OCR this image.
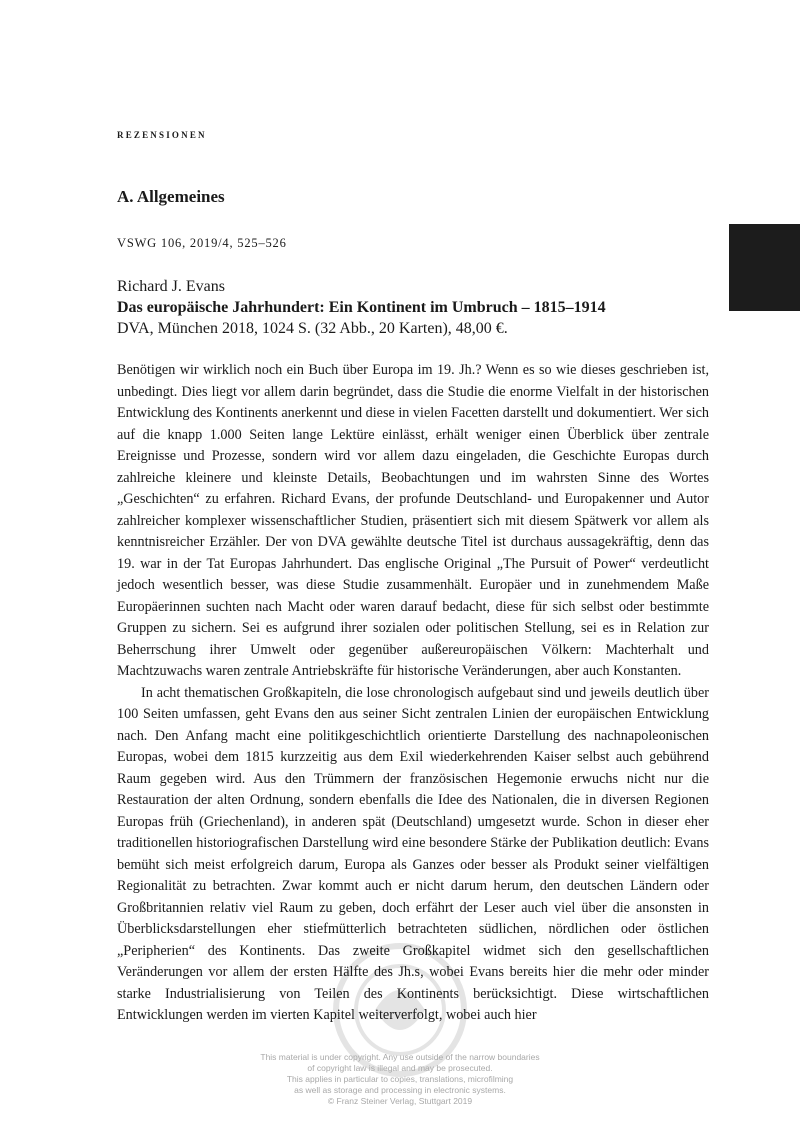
rezensionen
A. Allgemeines
VSWG 106, 2019/4, 525–526
Richard J. Evans
Das europäische Jahrhundert: Ein Kontinent im Umbruch – 1815–1914
DVA, München 2018, 1024 S. (32 Abb., 20 Karten), 48,00 €.

Benötigen wir wirklich noch ein Buch über Europa im 19. Jh.? Wenn es so wie dieses geschrieben ist, unbedingt. Dies liegt vor allem darin begründet, dass die Studie die enorme Vielfalt in der historischen Entwicklung des Kontinents anerkennt und diese in vielen Facetten darstellt und dokumentiert. Wer sich auf die knapp 1.000 Seiten lange Lektüre einlässt, erhält weniger einen Überblick über zentrale Ereignisse und Prozesse, sondern wird vor allem dazu eingeladen, die Geschichte Europas durch zahlreiche kleinere und kleinste Details, Beobachtungen und im wahrsten Sinne des Wortes „Geschichten“ zu erfahren. Richard Evans, der profunde Deutschland- und Europakenner und Autor zahlreicher komplexer wissenschaftlicher Studien, präsentiert sich mit diesem Spätwerk vor allem als kenntnisreicher Erzähler. Der von DVA gewählte deutsche Titel ist durchaus aussagekräftig, denn das 19. war in der Tat Europas Jahrhundert. Das englische Original „The Pursuit of Power“ verdeutlicht jedoch wesentlich besser, was diese Studie zusammenhält. Europäer und in zunehmendem Maße Europäerinnen suchten nach Macht oder waren darauf bedacht, diese für sich selbst oder bestimmte Gruppen zu sichern. Sei es aufgrund ihrer sozialen oder politischen Stellung, sei es in Relation zur Beherrschung ihrer Umwelt oder gegenüber außereuropäischen Völkern: Machterhalt und Machtzuwachs waren zentrale Antriebskräfte für historische Veränderungen, aber auch Konstanten.

In acht thematischen Großkapiteln, die lose chronologisch aufgebaut sind und jeweils deutlich über 100 Seiten umfassen, geht Evans den aus seiner Sicht zentralen Linien der europäischen Entwicklung nach. Den Anfang macht eine politikgeschichtlich orientierte Darstellung des nachnapoleonischen Europas, wobei dem 1815 kurzzeitig aus dem Exil wiederkehrenden Kaiser selbst auch gebührend Raum gegeben wird. Aus den Trümmern der französischen Hegemonie erwuchs nicht nur die Restauration der alten Ordnung, sondern ebenfalls die Idee des Nationalen, die in diversen Regionen Europas früh (Griechenland), in anderen spät (Deutschland) umgesetzt wurde. Schon in dieser eher traditionellen historiografischen Darstellung wird eine besondere Stärke der Publikation deutlich: Evans bemüht sich meist erfolgreich darum, Europa als Ganzes oder besser als Produkt seiner vielfältigen Regionalität zu betrachten. Zwar kommt auch er nicht darum herum, den deutschen Ländern oder Großbritannien relativ viel Raum zu geben, doch erfährt der Leser auch viel über die ansonsten in Überblicksdarstellungen eher stiefmütterlich betrachteten südlichen, nördlichen oder östlichen „Peripherien“ des Kontinents. Das zweite Großkapitel widmet sich den gesellschaftlichen Veränderungen vor allem der ersten Hälfte des Jh.s, wobei Evans bereits hier die mehr oder minder starke Industrialisierung von Teilen des Kontinents berücksichtigt. Diese wirtschaftlichen Entwicklungen werden im vierten Kapitel weiterverfolgt, wobei auch hier

This material is under copyright. Any use outside of the narrow boundaries
of copyright law is illegal and may be prosecuted.
This applies in particular to copies, translations, microfilming
as well as storage and processing in electronic systems.
© Franz Steiner Verlag, Stuttgart 2019
